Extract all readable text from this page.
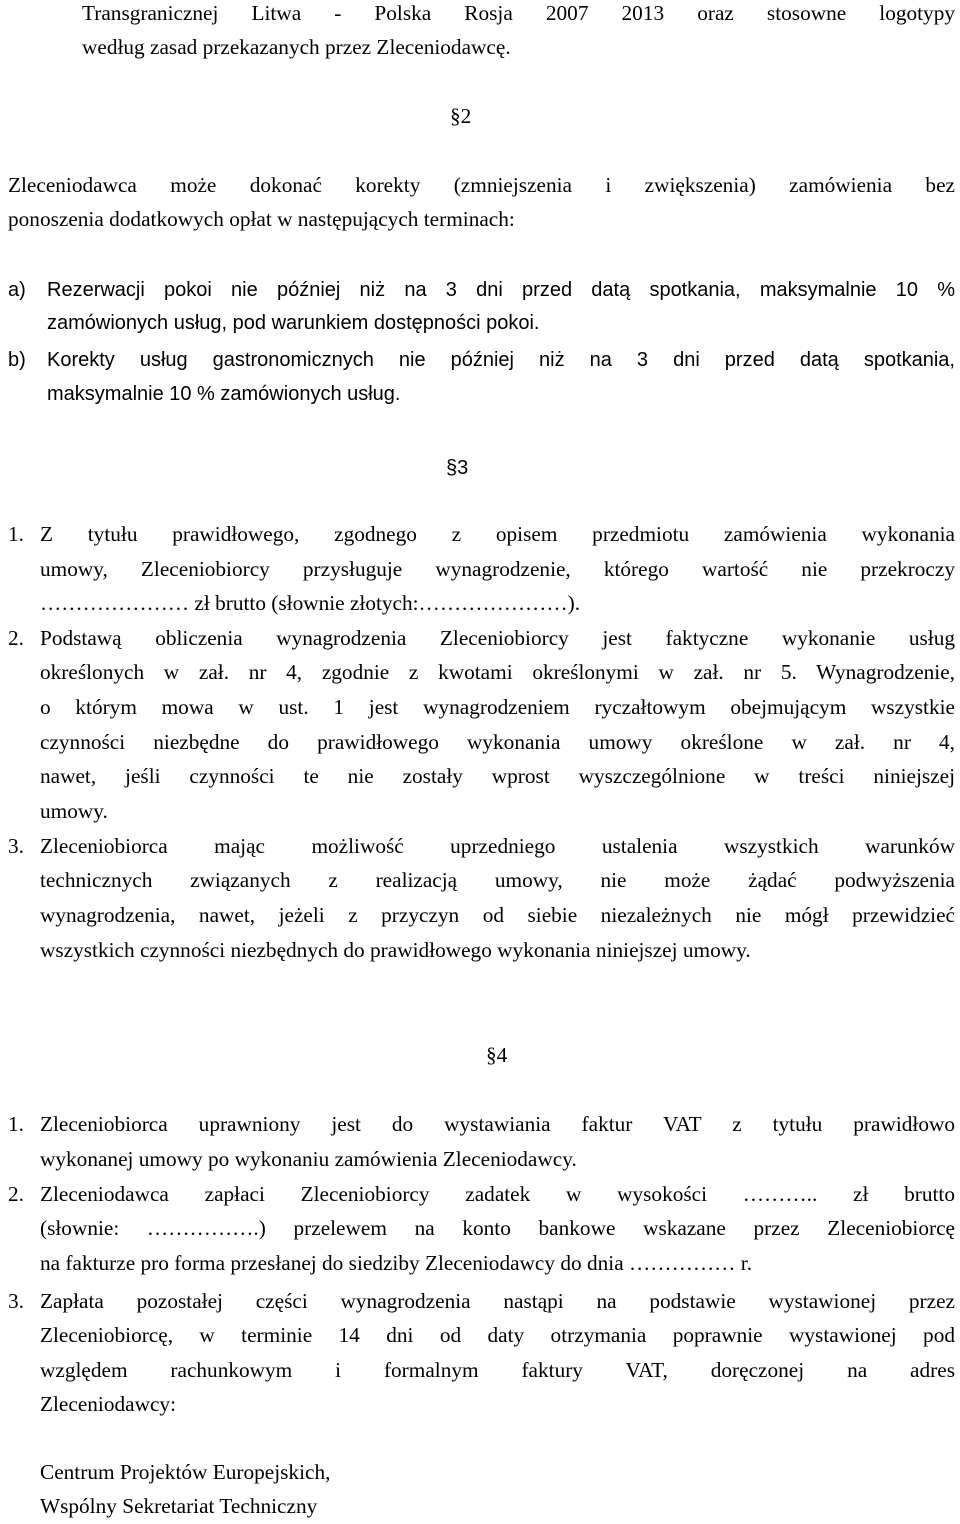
Transgranicznej Litwa - Polska Rosja 2007 2013 oraz stosowne logotypy

według zasad przekazanych przez Zleceniodawcę.

§2

Zleceniodawca może dokonać korekty (zmniejszenia i zwiększenia) zamówienia bez

ponoszenia dodatkowych opłat w następujących terminach:

a) Rezerwacji pokoi nie później niż na 3 dni przed datą spotkania, maksymalnie 10 %

zamówionych usług, pod warunkiem dostępności pokoi.

b) Korekty usług gastronomicznych nie później niż na 3 dni przed datą spotkania,

maksymalnie 10 % zamówionych usług.

§3

1. Z tytułu prawidłowego, zgodnego z opisem przedmiotu zamówienia wykonania

umowy, Zleceniobiorcy przysługuje wynagrodzenie, którego wartość nie przekroczy

………………… zł brutto (słownie złotych:…………………).

2. Podstawą obliczenia wynagrodzenia Zleceniobiorcy jest faktyczne wykonanie usług

określonych w zał. nr 4, zgodnie z kwotami określonymi w zał. nr 5. Wynagrodzenie,

o którym mowa w ust. 1 jest wynagrodzeniem ryczałtowym obejmującym wszystkie

czynności niezbędne do prawidłowego wykonania umowy określone w zał. nr 4,

nawet, jeśli czynności te nie zostały wprost wyszczególnione w treści niniejszej

umowy.

3. Zleceniobiorca mając możliwość uprzedniego ustalenia wszystkich warunków

technicznych związanych z realizacją umowy, nie może żądać podwyższenia

wynagrodzenia, nawet, jeżeli z przyczyn od siebie niezależnych nie mógł przewidzieć

wszystkich czynności niezbędnych do prawidłowego wykonania niniejszej umowy.

§4

1. Zleceniobiorca uprawniony jest do wystawiania faktur VAT z tytułu prawidłowo

wykonanej umowy po wykonaniu zamówienia Zleceniodawcy.

2. Zleceniodawca zapłaci Zleceniobiorcy zadatek w wysokości ……….. zł brutto

(słownie: …………….) przelewem na konto bankowe wskazane przez Zleceniobiorcę

na fakturze pro forma przesłanej do siedziby Zleceniodawcy do dnia …………… r.

3. Zapłata pozostałej części wynagrodzenia nastąpi na podstawie wystawionej przez

Zleceniobiorcę, w terminie 14 dni od daty otrzymania poprawnie wystawionej pod

względem rachunkowym i formalnym faktury VAT, doręczonej na adres

Zleceniodawcy:

Centrum Projektów Europejskich,

Wspólny Sekretariat Techniczny
